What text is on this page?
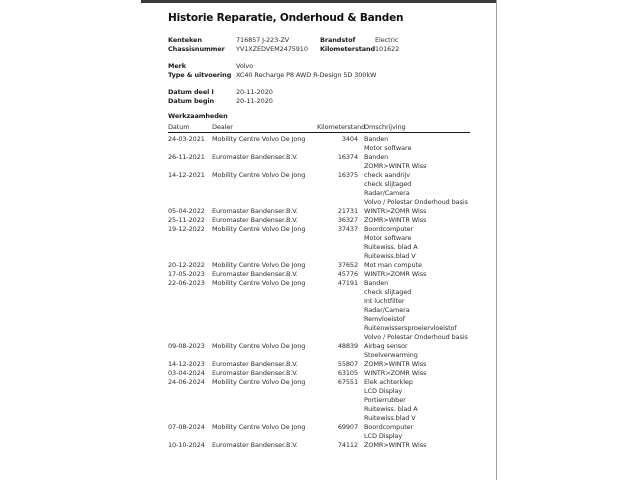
Historie Reparatie, Onderhoud & Banden
Kenteken	716857 J-223-ZV	Brandstof	Electric
Chassisnummer	YV1XZEDVEM2475910	Kilometerstand 101622
Merk	Volvo
Type & uitvoering XC40 Recharge P8 AWD R-Design 5D 300kW
Datum deel I	20-11-2020
Datum begin	20-11-2020
Werkzaamheden
Datum	Dealer	Kilometerstand
Omschrijving
24-03-2021	Mobility Centre Volvo De Jong	3404 Banden
Motor software
26-11-2021	Euromaster Bandenser.B.V.	16374 Banden
ZOMR>WINTR Wiss
14-12-2021	Mobility Centre Volvo De Jong	16375 check aandrijv
check slijtaged
Radar/Camera
Volvo / Polestar Onderhoud basis
05-04-2022	Euromaster Bandenser.B.V.	21731 WINTR>ZOMR Wiss
25-11-2022	Euromaster Bandenser.B.V.	36327 ZOMR>WINTR Wiss
19-12-2022	Mobility Centre Volvo De Jong	37437 Boordcomputer
Motor software
Ruitewiss. blad A
Ruitewiss.blad V
20-12-2022	Mobility Centre Volvo De Jong	37652 Mot man compute
17-05-2023	Euromaster Bandenser.B.V.	45776 WINTR>ZOMR Wiss
22-06-2023	Mobility Centre Volvo De Jong	47191 Banden
check slijtaged
Int luchtfilter
Radar/Camera
Remvloeistof
Ruitenwissersproeiervloeistof
Volvo / Polestar Onderhoud basis
09-08-2023	Mobility Centre Volvo De Jong	48839 Airbag sensor
Stoelverwarming
14-12-2023	Euromaster Bandenser.B.V.	55807 ZOMR>WINTR Wiss
03-04-2024	Euromaster Bandenser.B.V.	63105 WINTR>ZOMR Wiss
24-06-2024	Mobility Centre Volvo De Jong	67551 Elek achterklep
LCD Display
Portierrubber
Ruitewiss. blad A
Ruitewiss.blad V
07-08-2024	Mobility Centre Volvo De Jong	69907 Boordcomputer
LCD Display
10-10-2024	Euromaster Bandenser.B.V.	74112 ZOMR>WINTR Wiss
